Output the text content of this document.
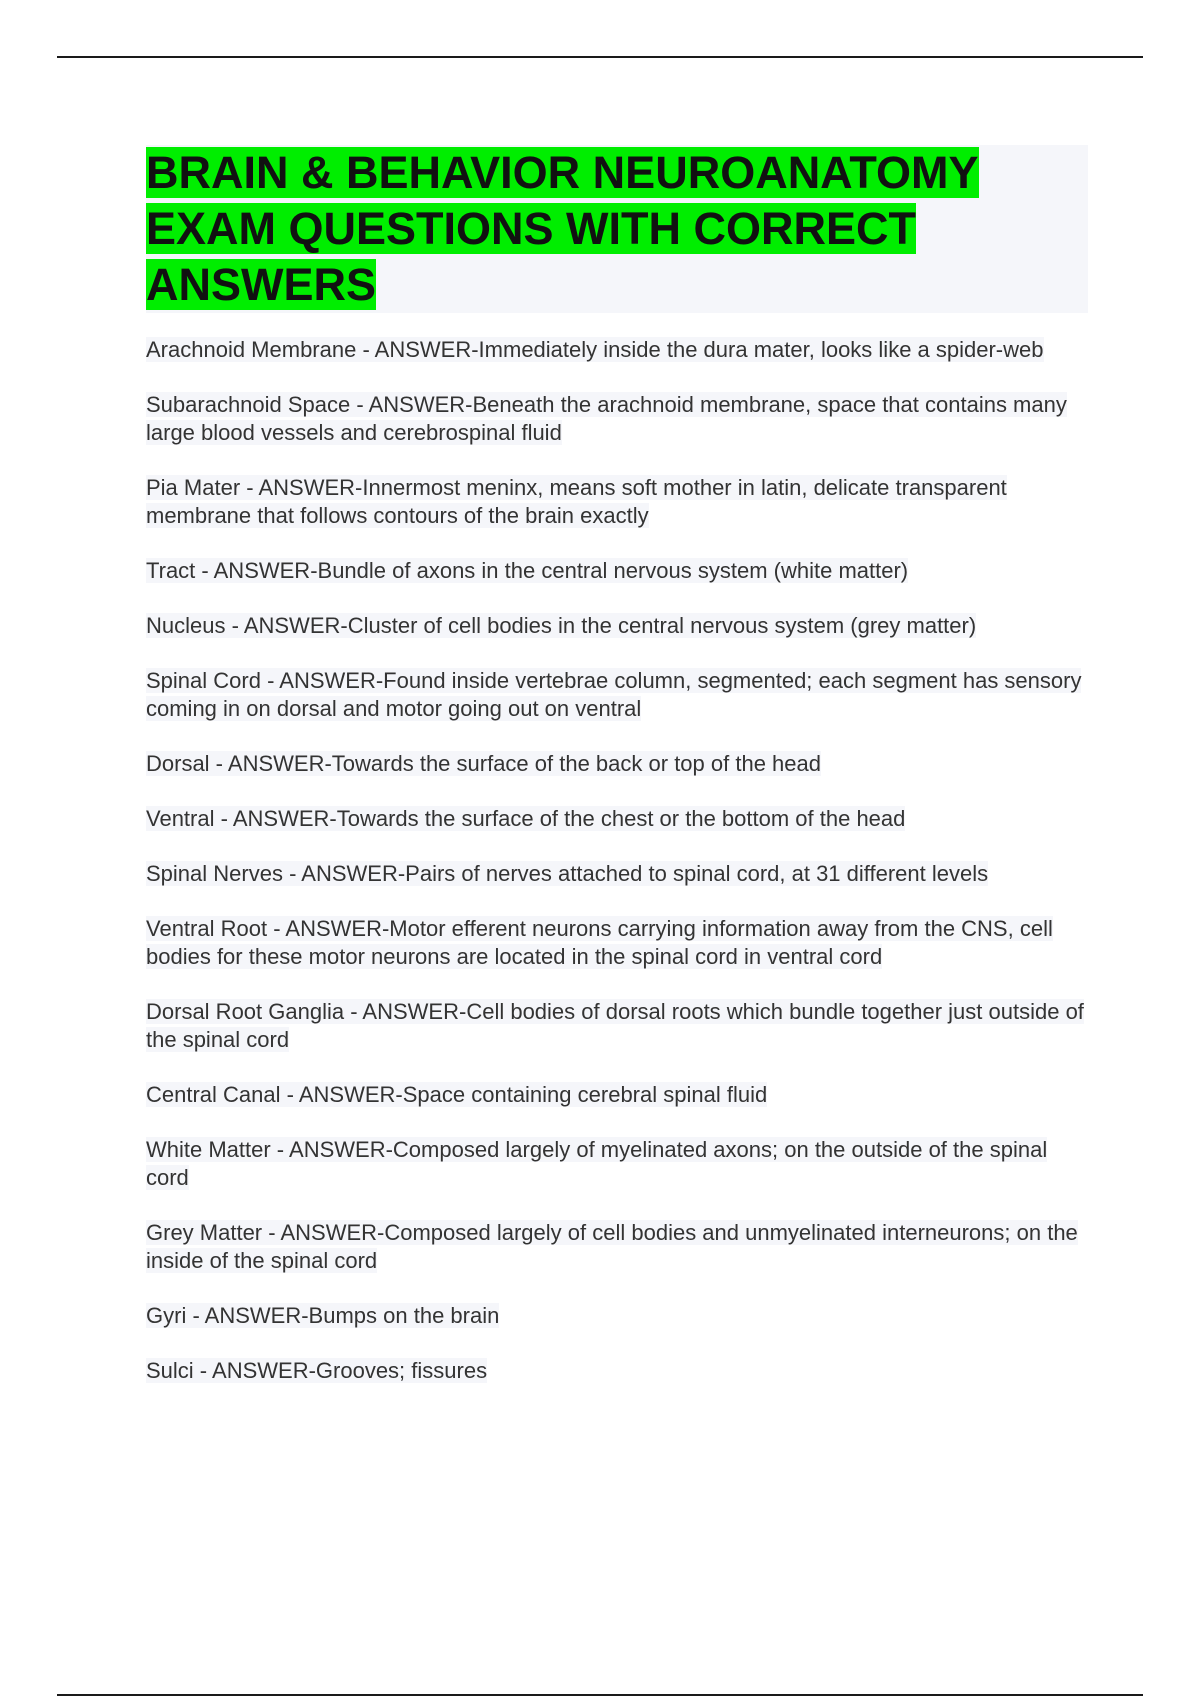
BRAIN & BEHAVIOR NEUROANATOMY EXAM QUESTIONS WITH CORRECT ANSWERS

Arachnoid Membrane - ANSWER-Immediately inside the dura mater, looks like a spider-web

Subarachnoid Space - ANSWER-Beneath the arachnoid membrane, space that contains many large blood vessels and cerebrospinal fluid

Pia Mater - ANSWER-Innermost meninx, means soft mother in latin, delicate transparent membrane that follows contours of the brain exactly

Tract - ANSWER-Bundle of axons in the central nervous system (white matter)

Nucleus - ANSWER-Cluster of cell bodies in the central nervous system (grey matter)

Spinal Cord - ANSWER-Found inside vertebrae column, segmented; each segment has sensory coming in on dorsal and motor going out on ventral

Dorsal - ANSWER-Towards the surface of the back or top of the head

Ventral - ANSWER-Towards the surface of the chest or the bottom of the head

Spinal Nerves - ANSWER-Pairs of nerves attached to spinal cord, at 31 different levels

Ventral Root - ANSWER-Motor efferent neurons carrying information away from the CNS, cell bodies for these motor neurons are located in the spinal cord in ventral cord

Dorsal Root Ganglia - ANSWER-Cell bodies of dorsal roots which bundle together just outside of the spinal cord

Central Canal - ANSWER-Space containing cerebral spinal fluid

White Matter - ANSWER-Composed largely of myelinated axons; on the outside of the spinal cord

Grey Matter - ANSWER-Composed largely of cell bodies and unmyelinated interneurons; on the inside of the spinal cord

Gyri - ANSWER-Bumps on the brain

Sulci - ANSWER-Grooves; fissures
